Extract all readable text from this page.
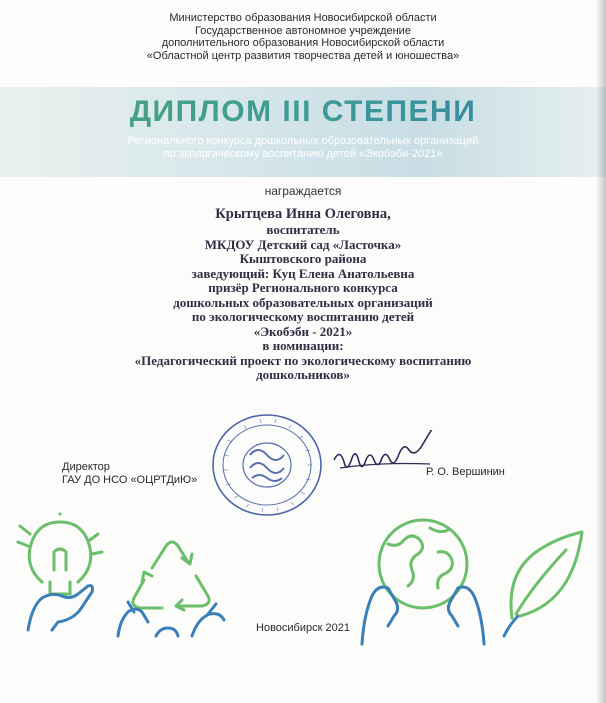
Министерство образования Новосибирской области
Государственное автономное учреждение
дополнительного образования Новосибирской области
«Областной центр развития творчества детей и юношества»
ДИПЛОМ III СТЕПЕНИ
Регионального конкурса дошкольных образовательных организаций
по экологическому воспитанию детей «Экобэби-2021»
награждается
Крытцева Инна Олеговна,
воспитатель
МКДОУ Детский сад «Ласточка»
Кыштовского района
заведующий: Куц Елена Анатольевна
призёр Регионального конкурса
дошкольных образовательных организаций
по экологическому воспитанию детей
«Экобэби - 2021»
в номинации:
«Педагогический проект по экологическому воспитанию
дошкольников»
Директор
ГАУ ДО НСО «ОЦРТДиЮ»
Р. О. Вершинин
Новосибирск 2021
